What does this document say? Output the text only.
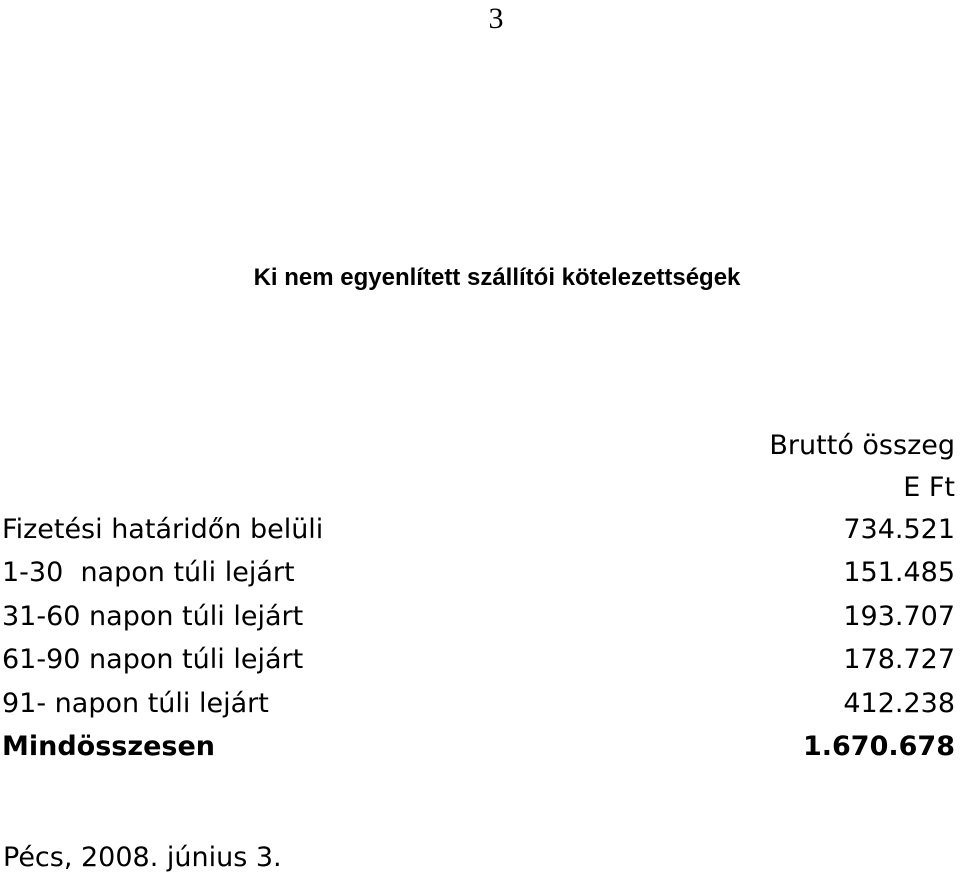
3
Ki nem egyenlített szállítói kötelezettségek
Bruttó összeg
E Ft
Fizetési határidőn belüli	734.521
1-30  napon túli lejárt	151.485
31-60 napon túli lejárt	193.707
61-90 napon túli lejárt	178.727
91- napon túli lejárt	412.238
Mindösszesen	1.670.678
Pécs, 2008. június 3.
